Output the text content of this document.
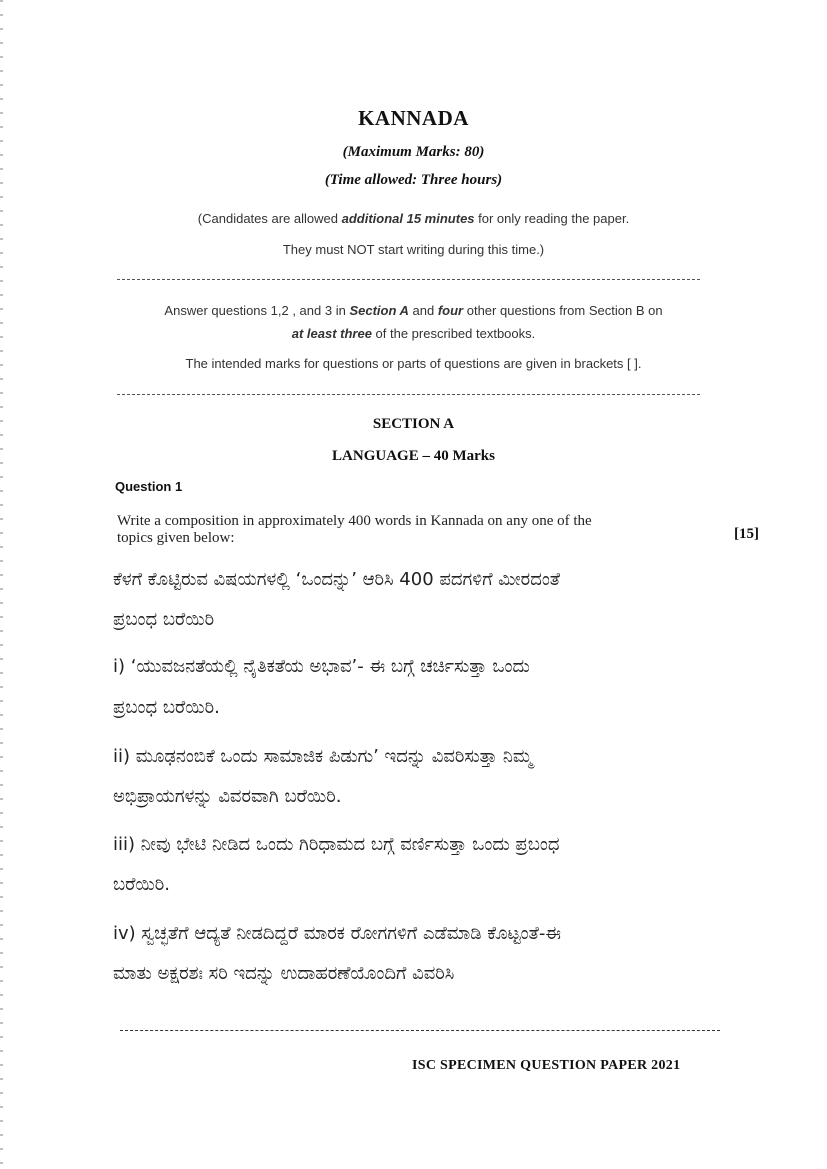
KANNADA
(Maximum Marks: 80)
(Time allowed: Three hours)
(Candidates are allowed additional 15 minutes for only reading the paper.
They must NOT start writing during this time.)
Answer questions 1,2 , and 3 in Section A and four other questions from Section B on
at least three of the prescribed textbooks.
The intended marks for questions or parts of questions are given in brackets [ ].
SECTION A
LANGUAGE – 40 Marks
Question 1
Write a composition in approximately 400 words in Kannada on any one of the
topics given below:	[15]
ಕೆಳಗೆ ಕೊಟ್ಟಿರುವ ವಿಷಯಗಳಲ್ಲಿ ‘ಒಂದನ್ನು’ ಆರಿಸಿ 400 ಪದಗಳಿಗೆ ಮೀರದಂತೆ
ಪ್ರಬಂಧ ಬರೆಯಿರಿ
i) ‘ಯುವಜನತೆಯಲ್ಲಿ ನೈತಿಕತೆಯ ಅಭಾವ’- ಈ ಬಗ್ಗೆ ಚರ್ಚಿಸುತ್ತಾ ಒಂದು
ಪ್ರಬಂಧ ಬರೆಯಿರಿ.
ii) ಮೂಢನಂಬಿಕೆ ಒಂದು ಸಾಮಾಜಿಕ ಪಿಡುಗು’ ಇದನ್ನು ವಿವರಿಸುತ್ತಾ ನಿಮ್ಮ
ಅಭಿಪ್ರಾಯಗಳನ್ನು ವಿವರವಾಗಿ ಬರೆಯಿರಿ.
iii) ನೀವು ಭೇಟಿ ನೀಡಿದ ಒಂದು ಗಿರಿಧಾಮದ ಬಗ್ಗೆ ವರ್ಣಿಸುತ್ತಾ ಒಂದು ಪ್ರಬಂಧ
ಬರೆಯಿರಿ.
iv) ಸ್ವಚ್ಛತೆಗೆ ಆದ್ಯತೆ ನೀಡದಿದ್ದರೆ ಮಾರಕ ರೋಗಗಳಿಗೆ ಎಡೆಮಾಡಿ ಕೊಟ್ಟಂತೆ-ಈ
ಮಾತು ಅಕ್ಷರಶಃ ಸರಿ ಇದನ್ನು ಉದಾಹರಣೆಯೊಂದಿಗೆ ವಿವರಿಸಿ
ISC SPECIMEN QUESTION PAPER 2021
